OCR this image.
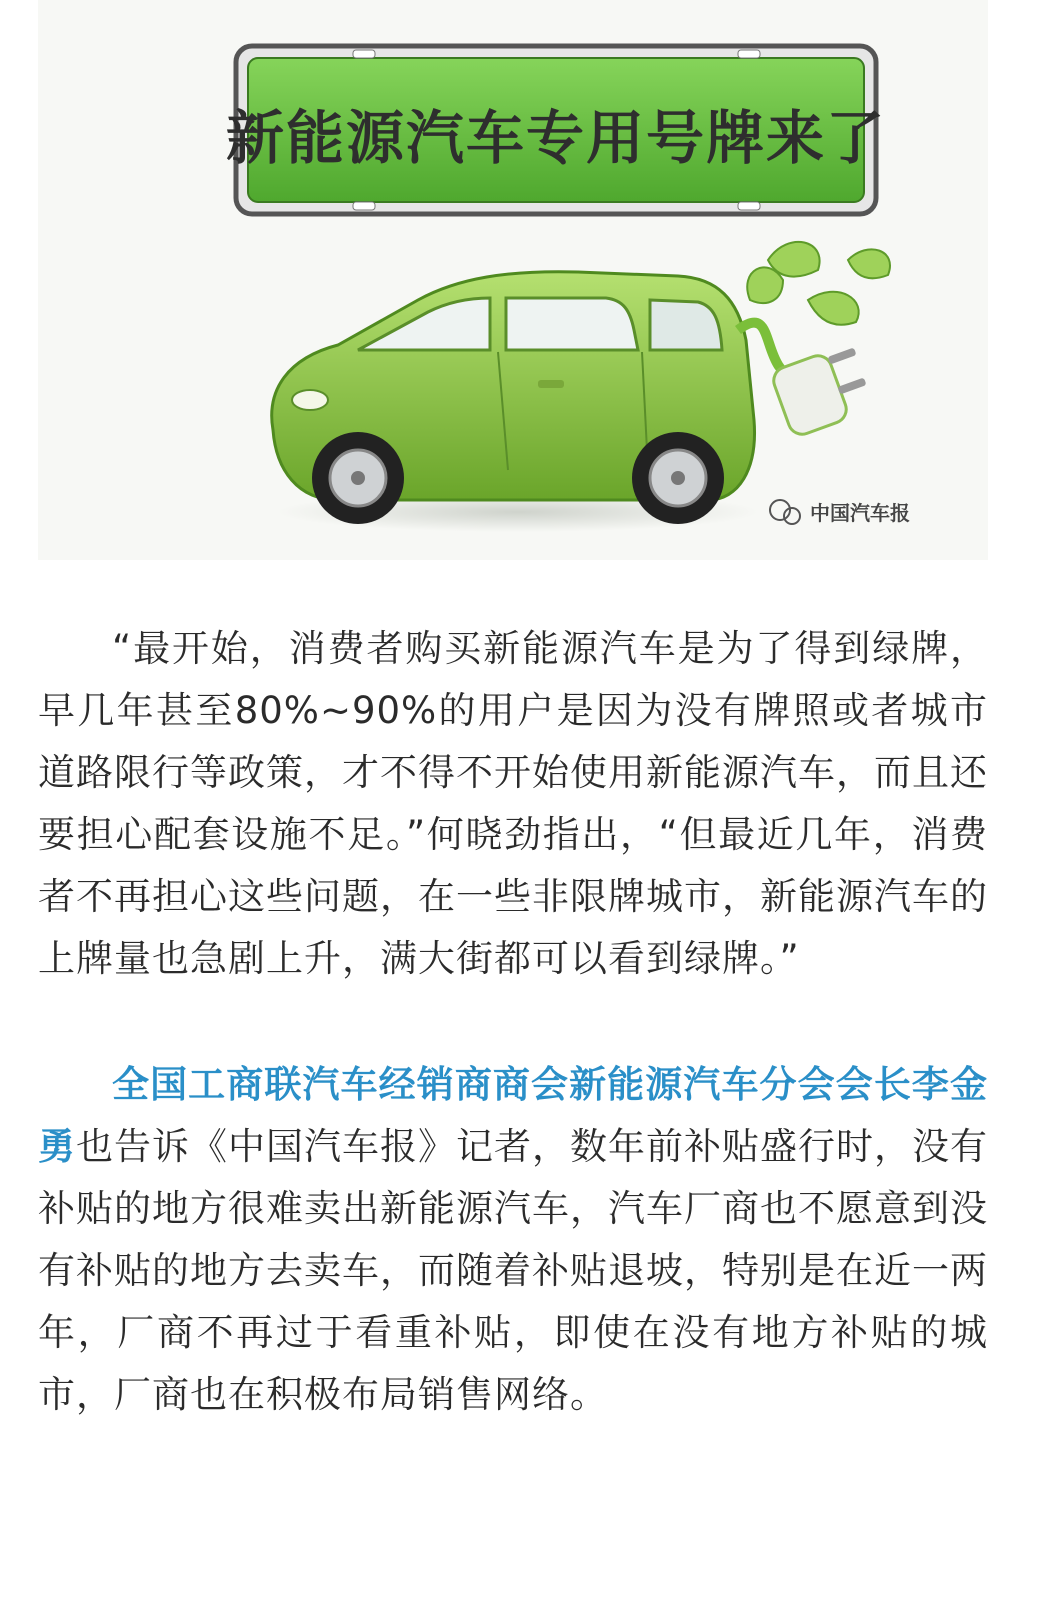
新能源汽车专用号牌来了
中国汽车报

“最开始，消费者购买新能源汽车是为了得到绿牌，早几年甚至80%~90%的用户是因为没有牌照或者城市道路限行等政策，才不得不开始使用新能源汽车，而且还要担心配套设施不足。”何晓劲指出，“但最近几年，消费者不再担心这些问题，在一些非限牌城市，新能源汽车的上牌量也急剧上升，满大街都可以看到绿牌。”

全国工商联汽车经销商商会新能源汽车分会会长李金勇也告诉《中国汽车报》记者，数年前补贴盛行时，没有补贴的地方很难卖出新能源汽车，汽车厂商也不愿意到没有补贴的地方去卖车，而随着补贴退坡，特别是在近一两年，厂商不再过于看重补贴，即使在没有地方补贴的城市，厂商也在积极布局销售网络。
